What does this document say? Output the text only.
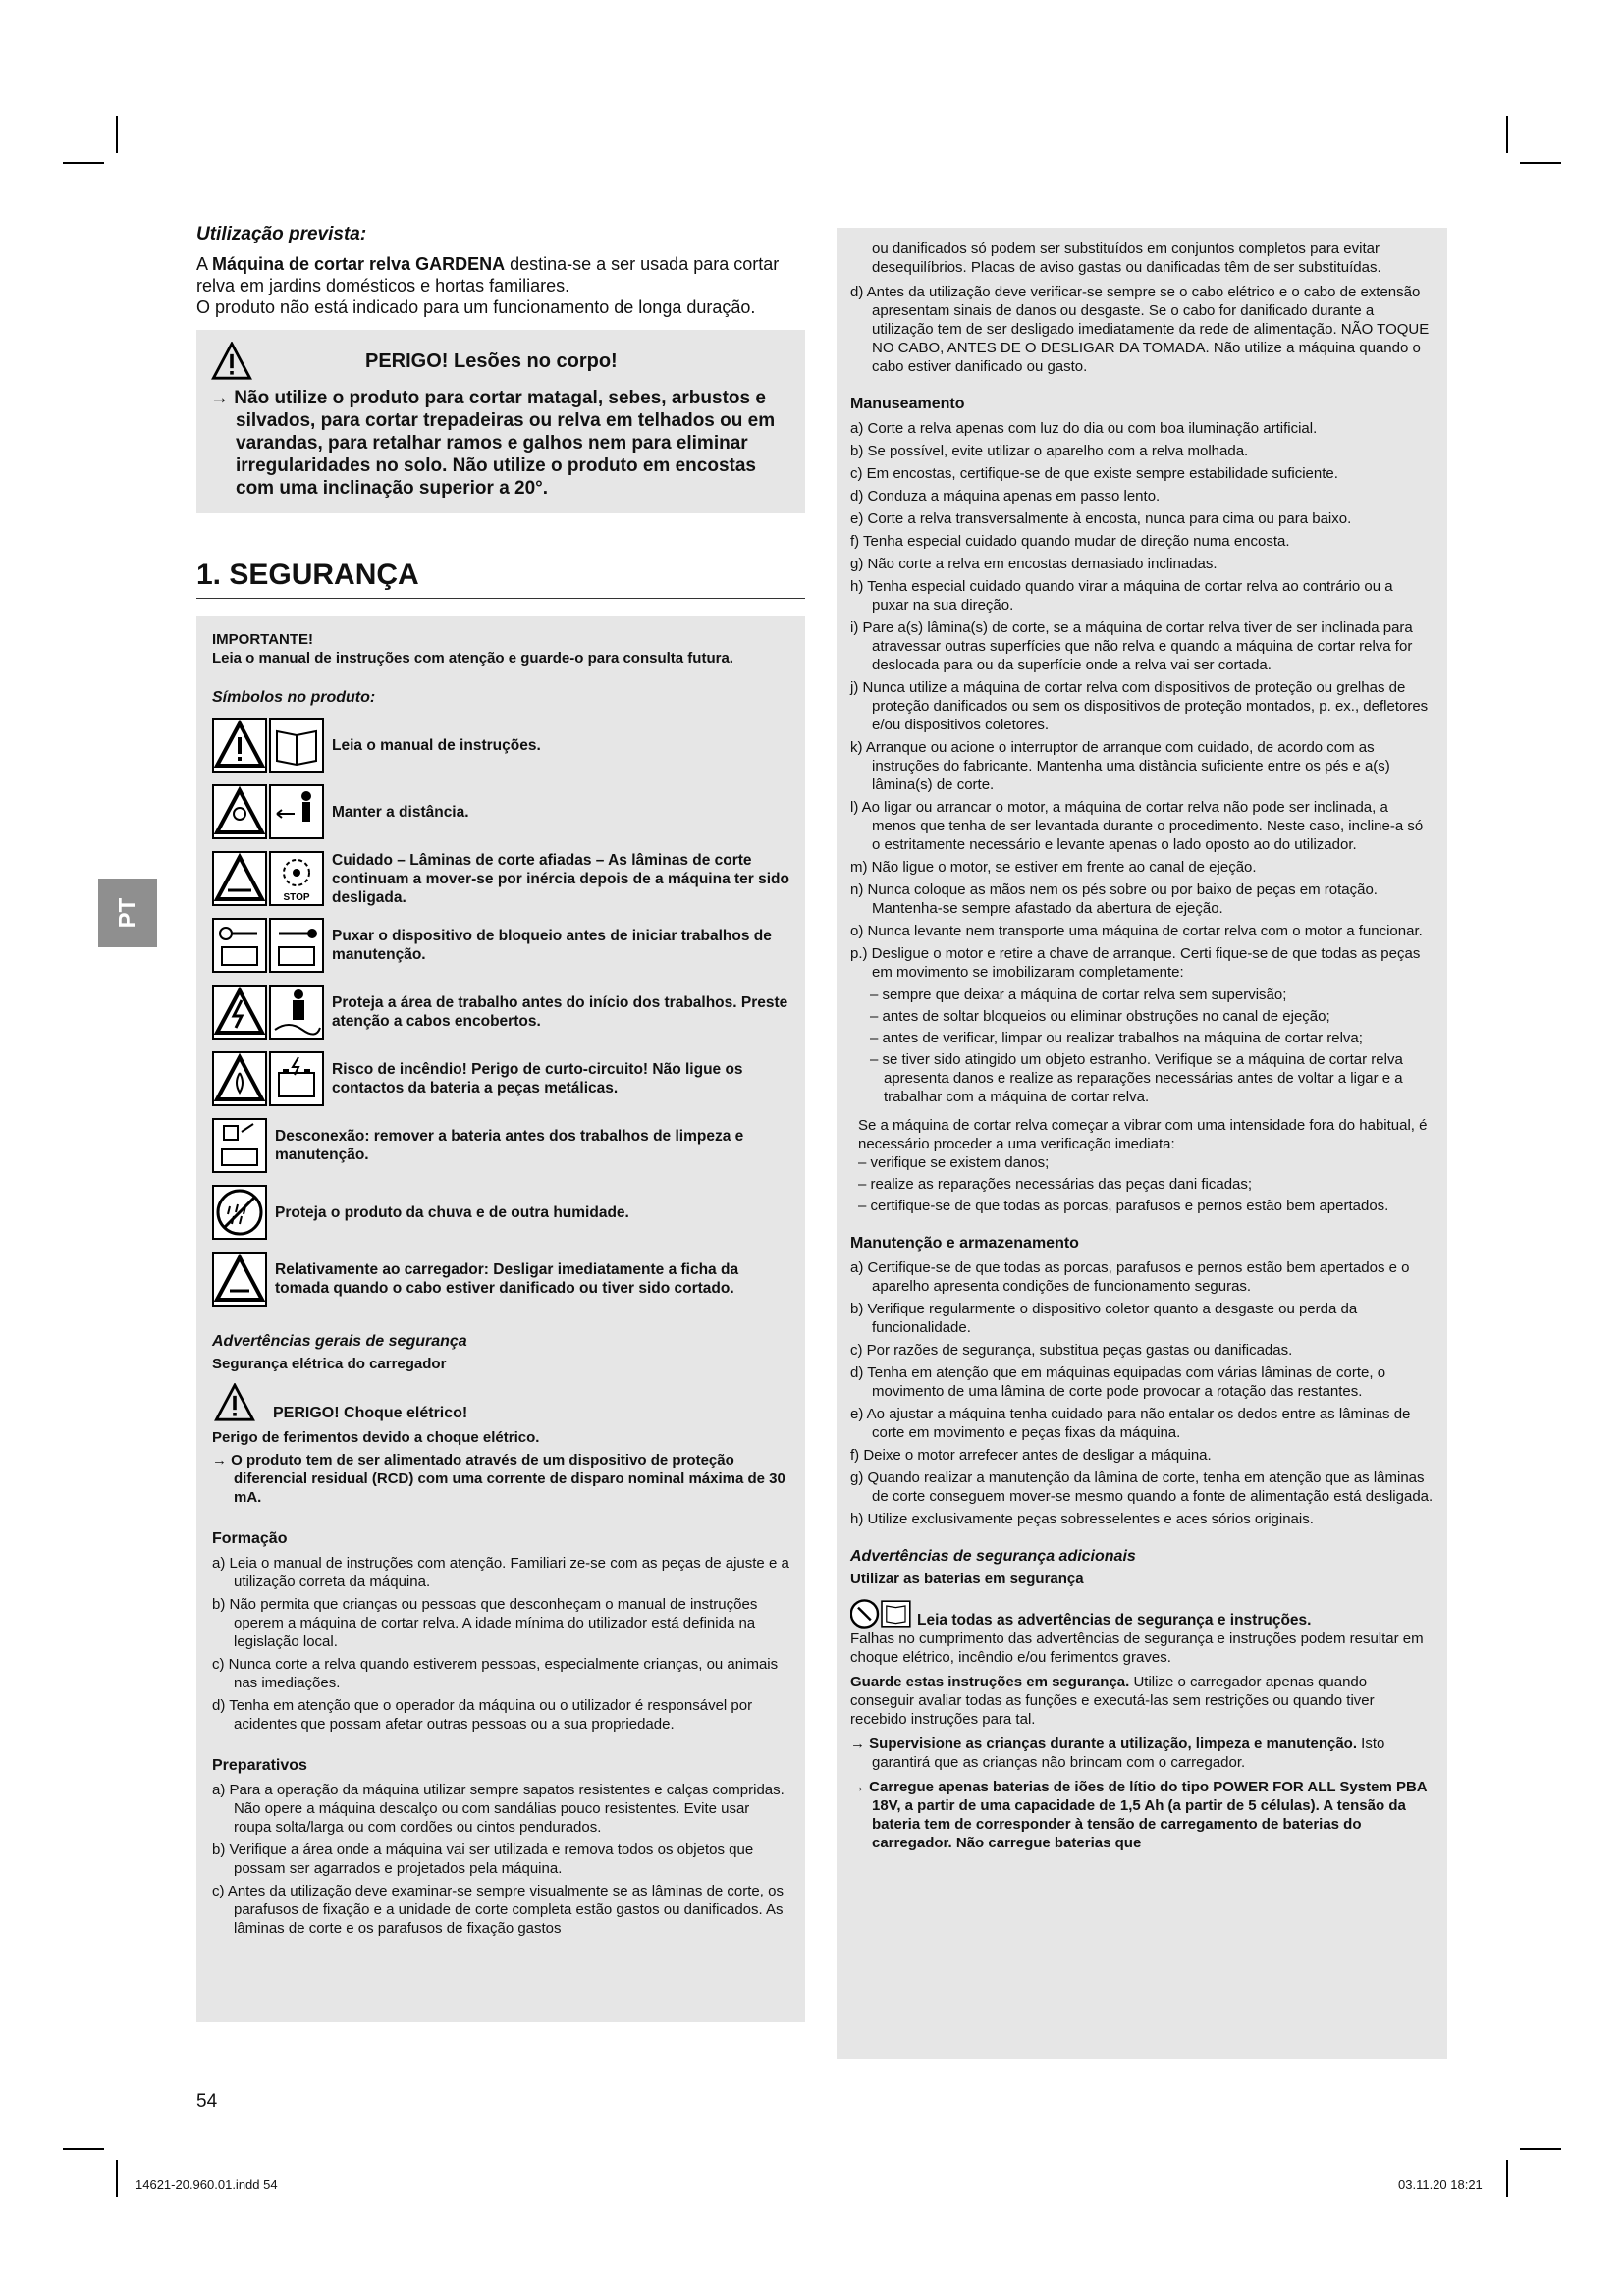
PT

Utilização prevista:

A Máquina de cortar relva GARDENA destina-se a ser usada para cortar relva em jardins domésticos e hortas familiares.

O produto não está indicado para um funcionamento de longa duração.

PERIGO! Lesões no corpo!

→ Não utilize o produto para cortar matagal, sebes, arbustos e silvados, para cortar trepadeiras ou relva em telhados ou em varandas, para retalhar ramos e galhos nem para eliminar irregularidades no solo. Não utilize o produto em encostas com uma inclinação superior a 20°.

1. SEGURANÇA

IMPORTANTE!

Leia o manual de instruções com atenção e guarde-o para consulta futura.

Símbolos no produto:

Leia o manual de instruções.
Manter a distância.
STOP
Cuidado – Lâminas de corte afiadas – As lâminas de corte continuam a mover-se por inércia depois de a máquina ter sido desligada.
Puxar o dispositivo de bloqueio antes de iniciar trabalhos de manutenção.
Proteja a área de trabalho antes do início dos trabalhos. Preste atenção a cabos encobertos.
Risco de incêndio! Perigo de curto-circuito! Não ligue os contactos da bateria a peças metálicas.
Desconexão: remover a bateria antes dos trabalhos de limpeza e manutenção.
Proteja o produto da chuva e de outra humidade.
Relativamente ao carregador: Desligar imediatamente a ficha da tomada quando o cabo estiver danificado ou tiver sido cortado.

Advertências gerais de segurança

Segurança elétrica do carregador

PERIGO! Choque elétrico!

Perigo de ferimentos devido a choque elétrico.

→ O produto tem de ser alimentado através de um dispositivo de proteção diferencial residual (RCD) com uma corrente de disparo nominal máxima de 30 mA.

Formação

a) Leia o manual de instruções com atenção. Familiari ze-se com as peças de ajuste e a utilização correta da máquina.

b) Não permita que crianças ou pessoas que desconheçam o manual de instruções operem a máquina de cortar relva. A idade mínima do utilizador está definida na legislação local.

c) Nunca corte a relva quando estiverem pessoas, especialmente crianças, ou animais nas imediações.

d) Tenha em atenção que o operador da máquina ou o utilizador é responsável por acidentes que possam afetar outras pessoas ou a sua propriedade.

Preparativos

a) Para a operação da máquina utilizar sempre sapatos resistentes e calças compridas. Não opere a máquina descalço ou com sandálias pouco resistentes. Evite usar roupa solta/larga ou com cordões ou cintos pendurados.

b) Verifique a área onde a máquina vai ser utilizada e remova todos os objetos que possam ser agarrados e projetados pela máquina.

c) Antes da utilização deve examinar-se sempre visualmente se as lâminas de corte, os parafusos de fixação e a unidade de corte completa estão gastos ou danificados. As lâminas de corte e os parafusos de fixação gastos

ou danificados só podem ser substituídos em conjuntos completos para evitar desequilíbrios. Placas de aviso gastas ou danificadas têm de ser substituídas.

d) Antes da utilização deve verificar-se sempre se o cabo elétrico e o cabo de extensão apresentam sinais de danos ou desgaste. Se o cabo for danificado durante a utilização tem de ser desligado imediatamente da rede de alimentação. NÃO TOQUE NO CABO, ANTES DE O DESLIGAR DA TOMADA. Não utilize a máquina quando o cabo estiver danificado ou gasto.

Manuseamento

a) Corte a relva apenas com luz do dia ou com boa iluminação artificial.

b) Se possível, evite utilizar o aparelho com a relva molhada.

c) Em encostas, certifique-se de que existe sempre estabilidade suficiente.

d) Conduza a máquina apenas em passo lento.

e) Corte a relva transversalmente à encosta, nunca para cima ou para baixo.

f) Tenha especial cuidado quando mudar de direção numa encosta.

g) Não corte a relva em encostas demasiado inclinadas.

h) Tenha especial cuidado quando virar a máquina de cortar relva ao contrário ou a puxar na sua direção.

i) Pare a(s) lâmina(s) de corte, se a máquina de cortar relva tiver de ser inclinada para atravessar outras superfícies que não relva e quando a máquina de cortar relva for deslocada para ou da superfície onde a relva vai ser cortada.

j) Nunca utilize a máquina de cortar relva com dispositivos de proteção ou grelhas de proteção danificados ou sem os dispositivos de proteção montados, p. ex., defletores e/ou dispositivos coletores.

k) Arranque ou acione o interruptor de arranque com cuidado, de acordo com as instruções do fabricante. Mantenha uma distância suficiente entre os pés e a(s) lâmina(s) de corte.

l) Ao ligar ou arrancar o motor, a máquina de cortar relva não pode ser inclinada, a menos que tenha de ser levantada durante o procedimento. Neste caso, incline-a só o estritamente necessário e levante apenas o lado oposto ao do utilizador.

m) Não ligue o motor, se estiver em frente ao canal de ejeção.

n) Nunca coloque as mãos nem os pés sobre ou por baixo de peças em rotação. Mantenha-se sempre afastado da abertura de ejeção.

o) Nunca levante nem transporte uma máquina de cortar relva com o motor a funcionar.

p.) Desligue o motor e retire a chave de arranque. Certi fique-se de que todas as peças em movimento se imobilizaram completamente:

– sempre que deixar a máquina de cortar relva sem supervisão;

– antes de soltar bloqueios ou eliminar obstruções no canal de ejeção;

– antes de verificar, limpar ou realizar trabalhos na máquina de cortar relva;

– se tiver sido atingido um objeto estranho. Verifique se a máquina de cortar relva apresenta danos e realize as reparações necessárias antes de voltar a ligar e a trabalhar com a máquina de cortar relva.

Se a máquina de cortar relva começar a vibrar com uma intensidade fora do habitual, é necessário proceder a uma verificação imediata:

– verifique se existem danos;

– realize as reparações necessárias das peças dani ficadas;

– certifique-se de que todas as porcas, parafusos e pernos estão bem apertados.

Manutenção e armazenamento

a) Certifique-se de que todas as porcas, parafusos e pernos estão bem apertados e o aparelho apresenta condições de funcionamento seguras.

b) Verifique regularmente o dispositivo coletor quanto a desgaste ou perda da funcionalidade.

c) Por razões de segurança, substitua peças gastas ou danificadas.

d) Tenha em atenção que em máquinas equipadas com várias lâminas de corte, o movimento de uma lâmina de corte pode provocar a rotação das restantes.

e) Ao ajustar a máquina tenha cuidado para não entalar os dedos entre as lâminas de corte em movimento e peças fixas da máquina.

f) Deixe o motor arrefecer antes de desligar a máquina.

g) Quando realizar a manutenção da lâmina de corte, tenha em atenção que as lâminas de corte conseguem mover-se mesmo quando a fonte de alimentação está desligada.

h) Utilize exclusivamente peças sobresselentes e aces sórios originais.

Advertências de segurança adicionais

Utilizar as baterias em segurança

Leia todas as advertências de segurança e instruções.

Falhas no cumprimento das advertências de segurança e instruções podem resultar em choque elétrico, incêndio e/ou ferimentos graves.

Guarde estas instruções em segurança. Utilize o carregador apenas quando conseguir avaliar todas as funções e executá-las sem restrições ou quando tiver recebido instruções para tal.

→ Supervisione as crianças durante a utilização, limpeza e manutenção. Isto garantirá que as crianças não brincam com o carregador.

→ Carregue apenas baterias de iões de lítio do tipo POWER FOR ALL System PBA 18V, a partir de uma capacidade de 1,5 Ah (a partir de 5 células). A tensão da bateria tem de corresponder à tensão de carregamento de baterias do carregador. Não carregue baterias que

54
14621-20.960.01.indd 54	03.11.20 18:21
